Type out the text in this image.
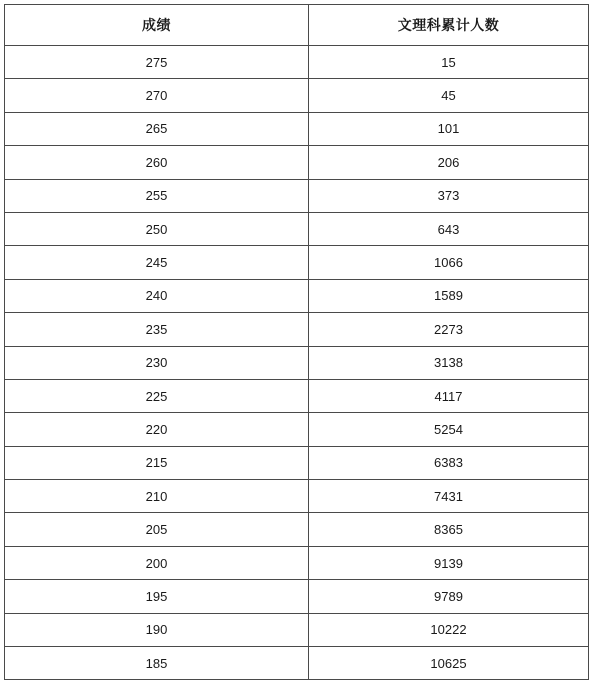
成绩	文理科累计人数
275	15
270	45
265	101
260	206
255	373
250	643
245	1066
240	1589
235	2273
230	3138
225	4117
220	5254
215	6383
210	7431
205	8365
200	9139
195	9789
190	10222
185	10625
